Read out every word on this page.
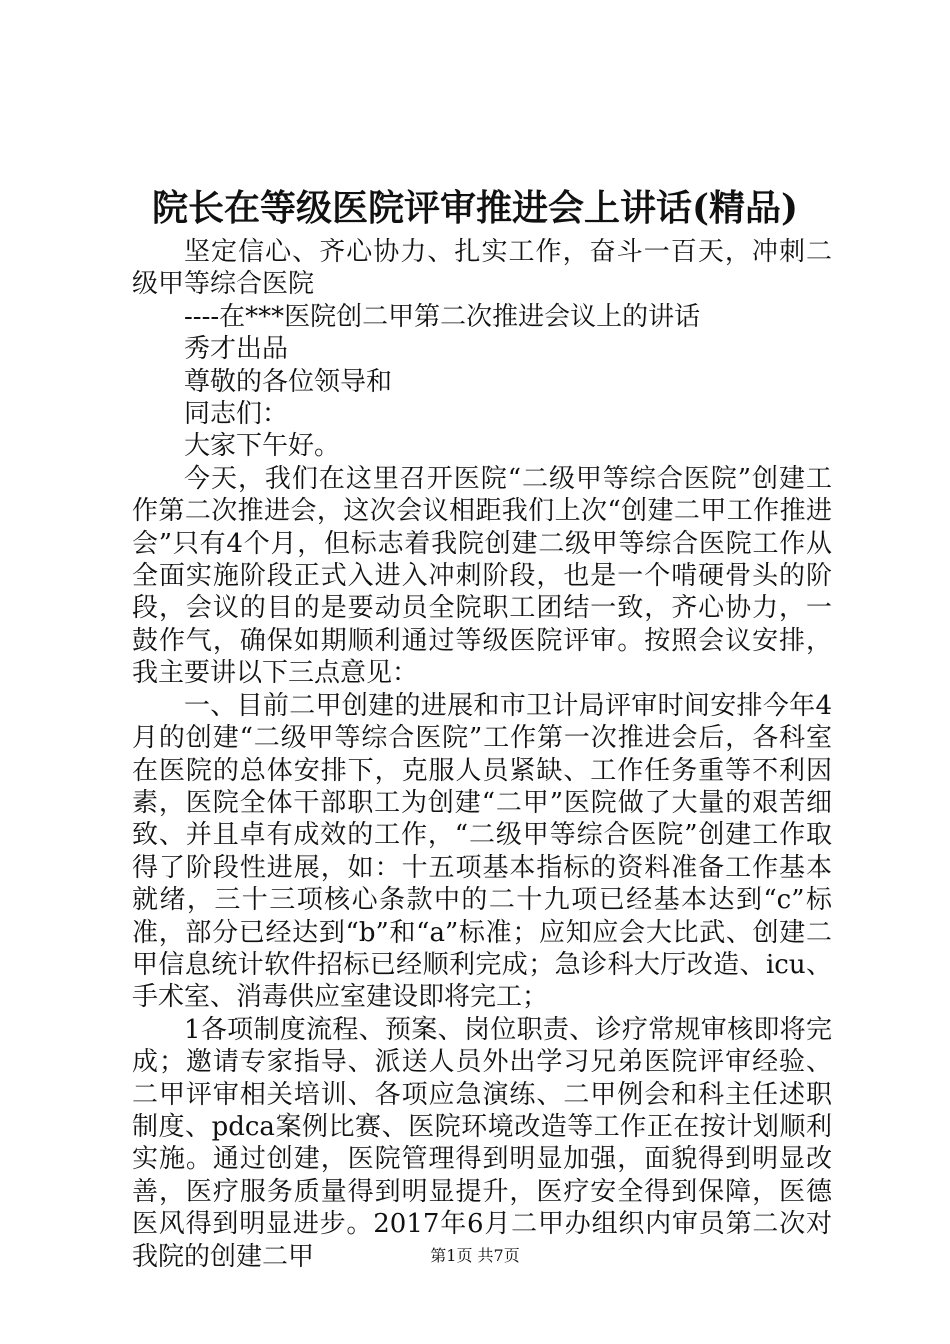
院长在等级医院评审推进会上讲话(精品)

坚定信心、齐心协力、扎实工作，奋斗一百天，冲刺二级甲等综合医院

----在***医院创二甲第二次推进会议上的讲话

秀才出品

尊敬的各位领导和

同志们：

大家下午好。

今天，我们在这里召开医院“二级甲等综合医院”创建工作第二次推进会，这次会议相距我们上次“创建二甲工作推进会”只有4个月，但标志着我院创建二级甲等综合医院工作从全面实施阶段正式入进入冲刺阶段，也是一个啃硬骨头的阶段，会议的目的是要动员全院职工团结一致，齐心协力，一鼓作气，确保如期顺利通过等级医院评审。按照会议安排，我主要讲以下三点意见：

一、目前二甲创建的进展和市卫计局评审时间安排今年4月的创建“二级甲等综合医院”工作第一次推进会后，各科室在医院的总体安排下，克服人员紧缺、工作任务重等不利因素，医院全体干部职工为创建“二甲”医院做了大量的艰苦细致、并且卓有成效的工作，“二级甲等综合医院”创建工作取得了阶段性进展，如：十五项基本指标的资料准备工作基本就绪，三十三项核心条款中的二十九项已经基本达到“c”标准，部分已经达到“b”和“a”标准；应知应会大比武、创建二甲信息统计软件招标已经顺利完成；急诊科大厅改造、icu、手术室、消毒供应室建设即将完工；

1各项制度流程、预案、岗位职责、诊疗常规审核即将完成；邀请专家指导、派送人员外出学习兄弟医院评审经验、二甲评审相关培训、各项应急演练、二甲例会和科主任述职制度、pdca案例比赛、医院环境改造等工作正在按计划顺利实施。通过创建，医院管理得到明显加强，面貌得到明显改善，医疗服务质量得到明显提升，医疗安全得到保障，医德医风得到明显进步。2017年6月二甲办组织内审员第二次对我院的创建二甲	第1页 共7页
